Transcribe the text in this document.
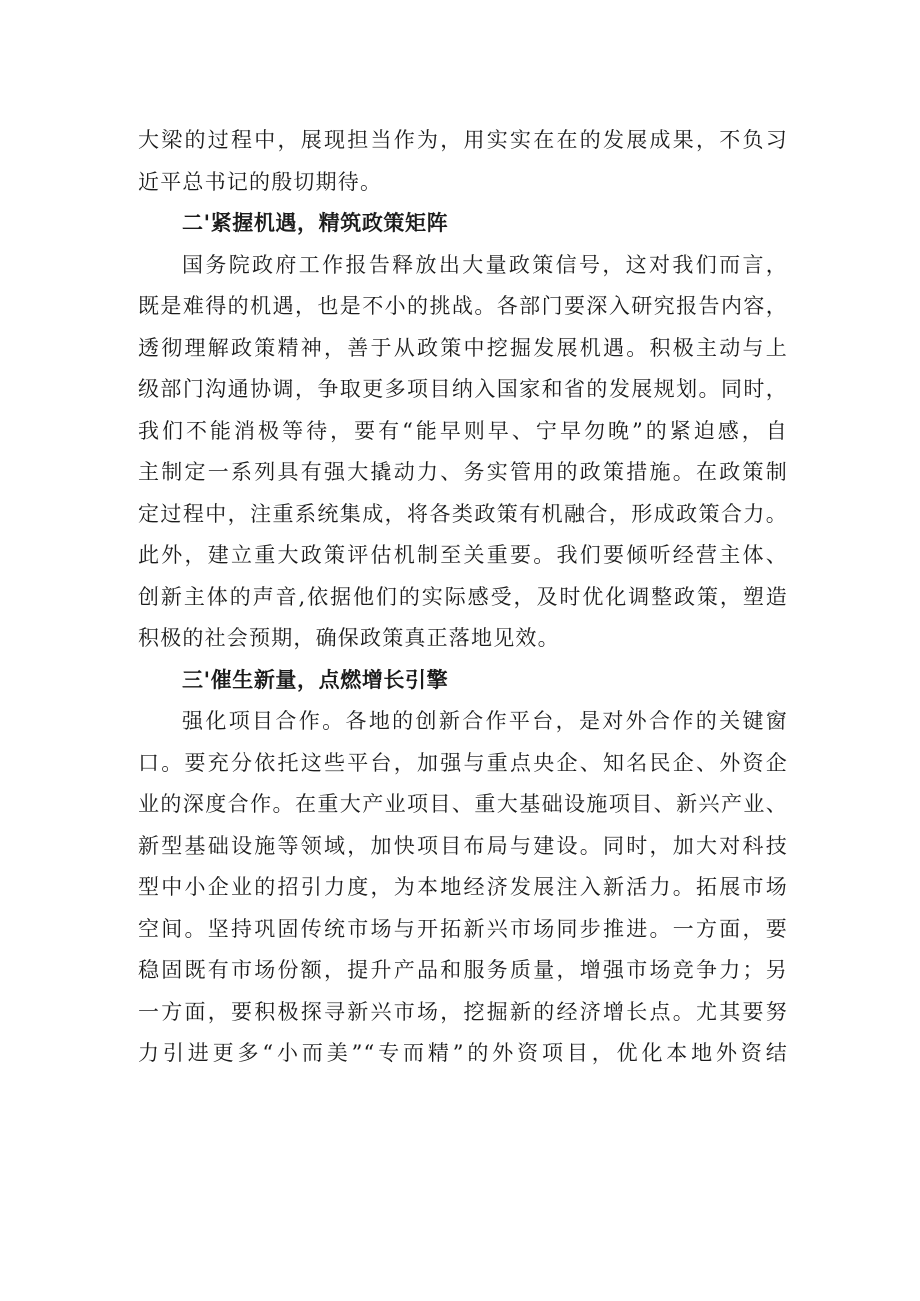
大梁的过程中，展现担当作为，用实实在在的发展成果，不负习
近平总书记的殷切期待。
二'紧握机遇，精筑政策矩阵
国务院政府工作报告释放出大量政策信号，这对我们而言，
既是难得的机遇，也是不小的挑战。各部门要深入研究报告内容，
透彻理解政策精神，善于从政策中挖掘发展机遇。积极主动与上
级部门沟通协调，争取更多项目纳入国家和省的发展规划。同时，
我们不能消极等待，要有“能早则早、宁早勿晚”的紧迫感，自
主制定一系列具有强大撬动力、务实管用的政策措施。在政策制
定过程中，注重系统集成，将各类政策有机融合，形成政策合力。
此外，建立重大政策评估机制至关重要。我们要倾听经营主体、
创新主体的声音,依据他们的实际感受，及时优化调整政策，塑造
积极的社会预期，确保政策真正落地见效。
三'催生新量，点燃增长引擎
强化项目合作。各地的创新合作平台，是对外合作的关键窗
口。要充分依托这些平台，加强与重点央企、知名民企、外资企
业的深度合作。在重大产业项目、重大基础设施项目、新兴产业、
新型基础设施等领域，加快项目布局与建设。同时，加大对科技
型中小企业的招引力度，为本地经济发展注入新活力。拓展市场
空间。坚持巩固传统市场与开拓新兴市场同步推进。一方面，要
稳固既有市场份额，提升产品和服务质量，增强市场竞争力；另
一方面，要积极探寻新兴市场，挖掘新的经济增长点。尤其要努
力引进更多“小而美”“专而精”的外资项目，优化本地外资结
